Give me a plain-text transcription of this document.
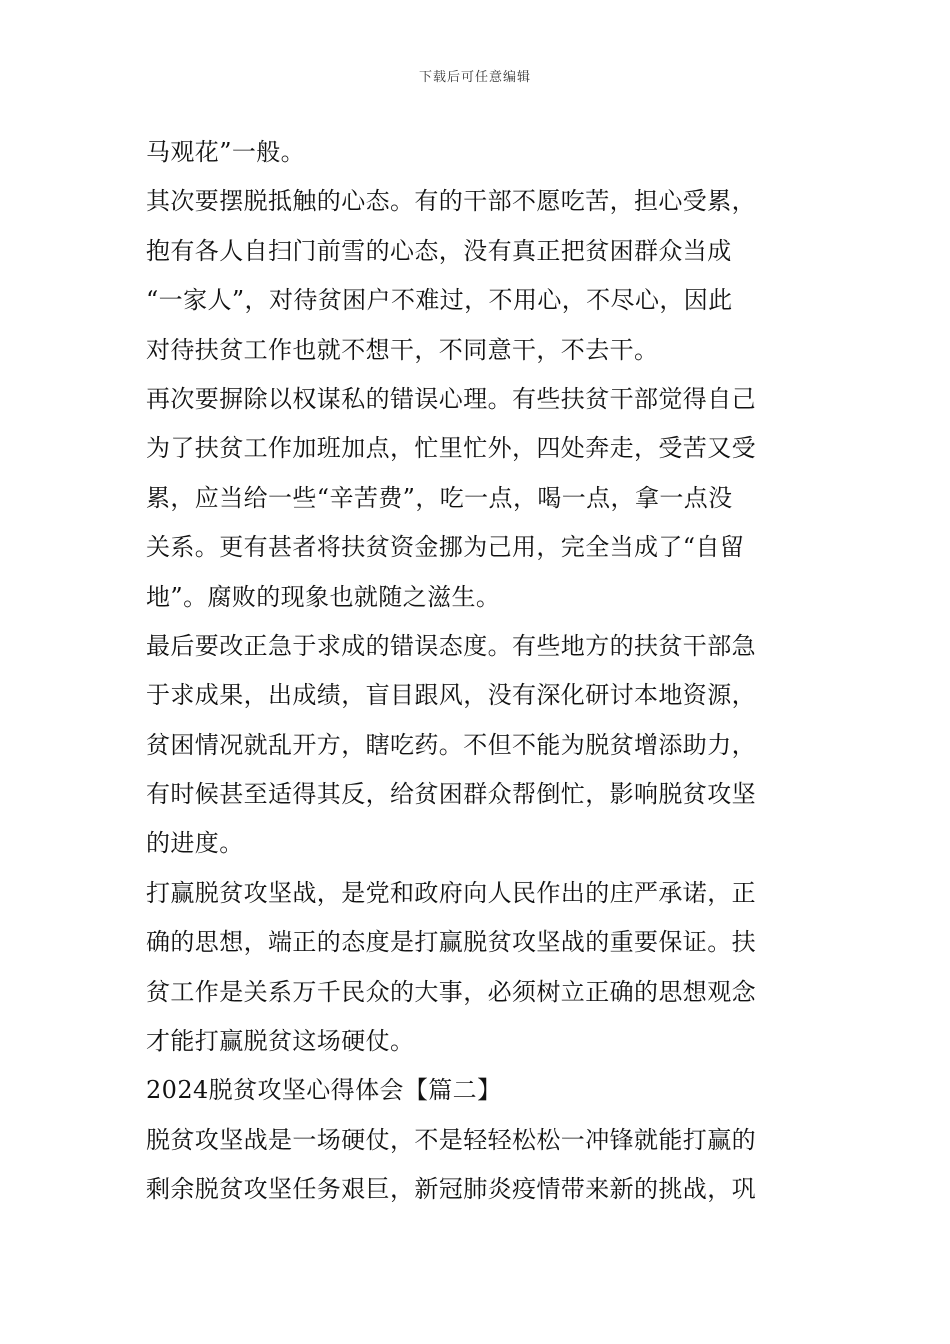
下载后可任意编辑
马观花”一般。
其次要摆脱抵触的心态。有的干部不愿吃苦，担心受累，
抱有各人自扫门前雪的心态，没有真正把贫困群众当成
“一家人”，对待贫困户不难过，不用心，不尽心，因此
对待扶贫工作也就不想干，不同意干，不去干。
再次要摒除以权谋私的错误心理。有些扶贫干部觉得自己
为了扶贫工作加班加点，忙里忙外，四处奔走，受苦又受
累，应当给一些“辛苦费”，吃一点，喝一点，拿一点没
关系。更有甚者将扶贫资金挪为己用，完全当成了“自留
地”。腐败的现象也就随之滋生。
最后要改正急于求成的错误态度。有些地方的扶贫干部急
于求成果，出成绩，盲目跟风，没有深化研讨本地资源，
贫困情况就乱开方，瞎吃药。不但不能为脱贫增添助力，
有时候甚至适得其反，给贫困群众帮倒忙，影响脱贫攻坚
的进度。
打赢脱贫攻坚战，是党和政府向人民作出的庄严承诺，正
确的思想，端正的态度是打赢脱贫攻坚战的重要保证。扶
贫工作是关系万千民众的大事，必须树立正确的思想观念
才能打赢脱贫这场硬仗。
2024脱贫攻坚心得体会【篇二】
脱贫攻坚战是一场硬仗，不是轻轻松松一冲锋就能打赢的
剩余脱贫攻坚任务艰巨，新冠肺炎疫情带来新的挑战，巩
